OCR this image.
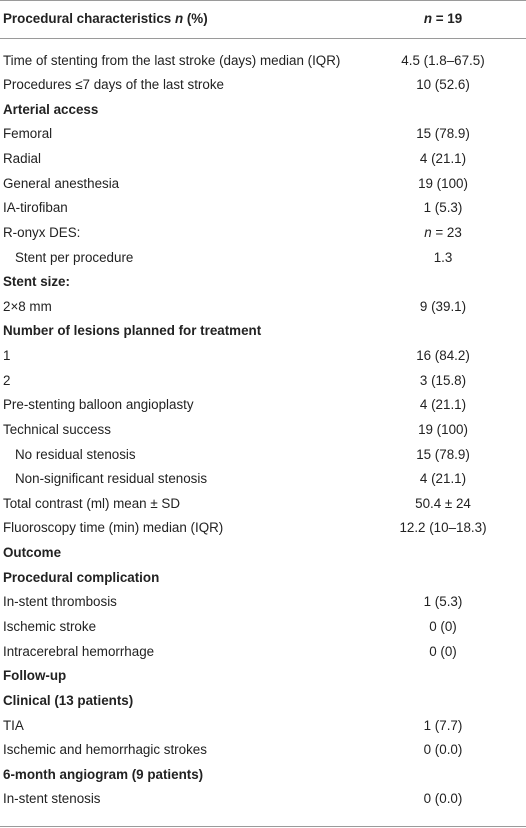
Procedural characteristics n (%)	n = 19
Time of stenting from the last stroke (days) median (IQR)	4.5 (1.8–67.5)
Procedures ≤7 days of the last stroke	10 (52.6)
Arterial access
Femoral	15 (78.9)
Radial	4 (21.1)
General anesthesia	19 (100)
IA-tirofiban	1 (5.3)
R-onyx DES:	n = 23
Stent per procedure	1.3
Stent size:
2×8 mm	9 (39.1)
Number of lesions planned for treatment
1	16 (84.2)
2	3 (15.8)
Pre-stenting balloon angioplasty	4 (21.1)
Technical success	19 (100)
No residual stenosis	15 (78.9)
Non-significant residual stenosis	4 (21.1)
Total contrast (ml) mean ± SD	50.4 ± 24
Fluoroscopy time (min) median (IQR)	12.2 (10–18.3)
Outcome
Procedural complication
In-stent thrombosis	1 (5.3)
Ischemic stroke	0 (0)
Intracerebral hemorrhage	0 (0)
Follow-up
Clinical (13 patients)
TIA	1 (7.7)
Ischemic and hemorrhagic strokes	0 (0.0)
6-month angiogram (9 patients)
In-stent stenosis	0 (0.0)
